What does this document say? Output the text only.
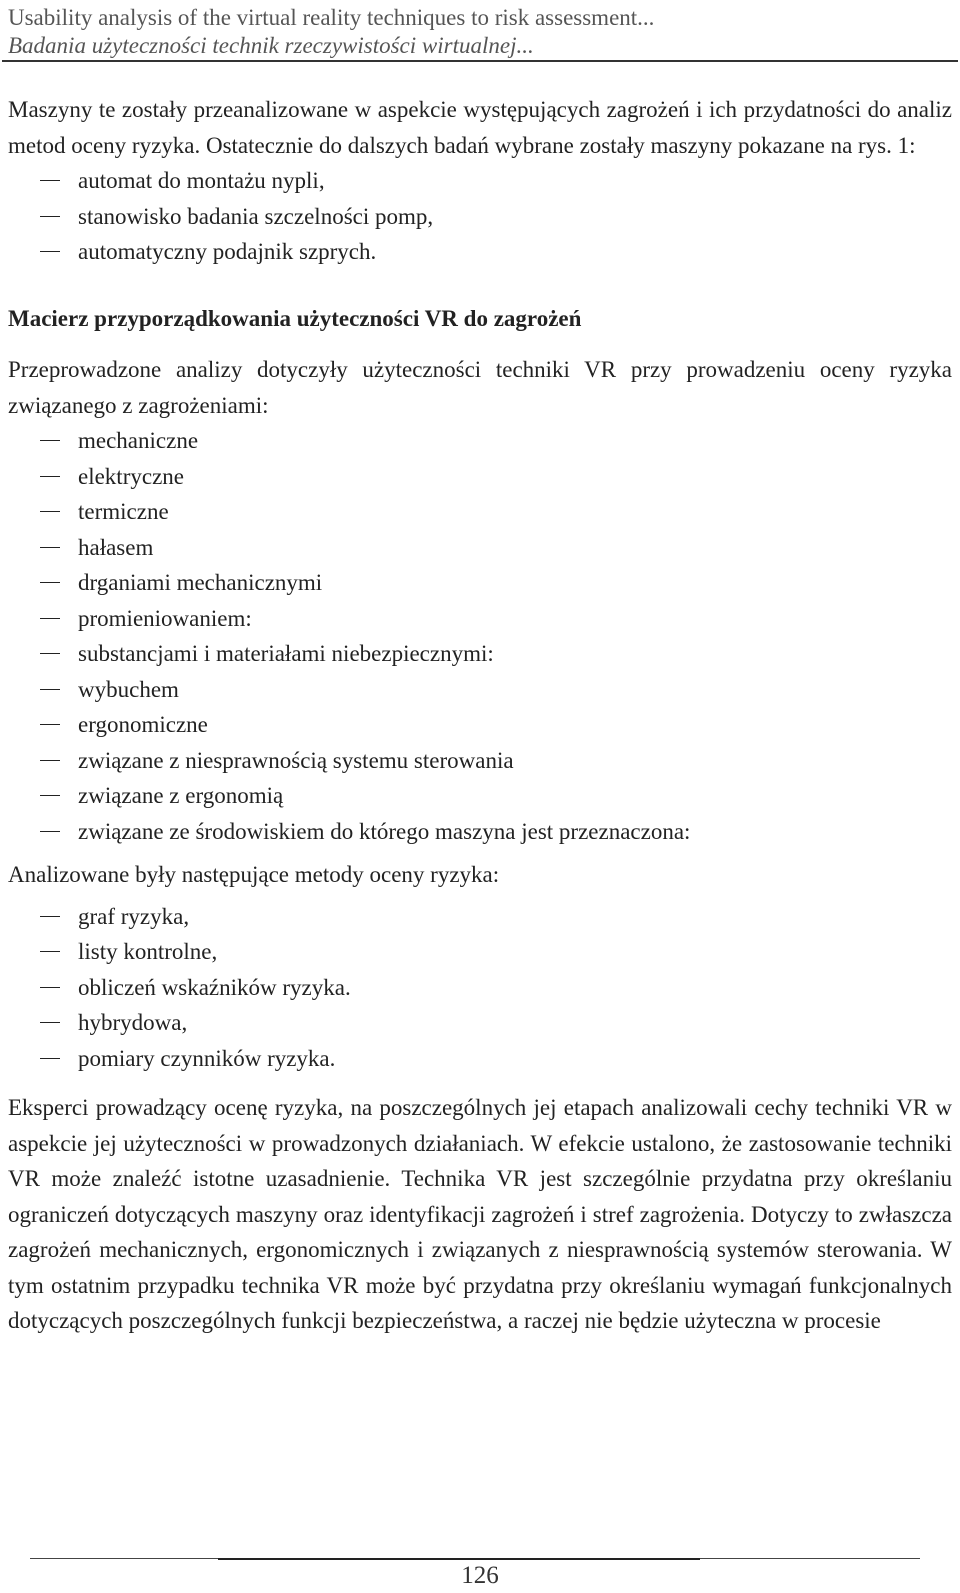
Usability analysis of the virtual reality techniques to risk assessment...
Badania użyteczności technik rzeczywistości wirtualnej...

Maszyny te zostały przeanalizowane w aspekcie występujących zagrożeń i ich przydatności do analiz metod oceny ryzyka. Ostatecznie do dalszych badań wybrane zostały maszyny pokazane na rys. 1:

automat do montażu nypli,
stanowisko badania szczelności pomp,
automatyczny podajnik szprych.
Macierz przyporządkowania użyteczności VR do zagrożeń

Przeprowadzone analizy dotyczyły użyteczności techniki VR przy prowadzeniu oceny ryzyka związanego z zagrożeniami:

mechaniczne
elektryczne
termiczne
hałasem
drganiami mechanicznymi
promieniowaniem:
substancjami i materiałami niebezpiecznymi:
wybuchem
ergonomiczne
związane z niesprawnością systemu sterowania
związane z ergonomią
związane ze środowiskiem do którego maszyna jest przeznaczona:

Analizowane były następujące metody oceny ryzyka:

graf ryzyka,
listy kontrolne,
obliczeń wskaźników ryzyka.
hybrydowa,
pomiary czynników ryzyka.

Eksperci prowadzący ocenę ryzyka, na poszczególnych jej etapach analizowali cechy techniki VR w aspekcie jej użyteczności w prowadzonych działaniach. W efekcie ustalono, że zastosowanie techniki VR może znaleźć istotne uzasadnienie. Technika VR jest szczególnie przydatna przy określaniu ograniczeń dotyczących maszyny oraz identyfikacji zagrożeń i stref zagrożenia. Dotyczy to zwłaszcza zagrożeń mechanicznych, ergonomicznych i związanych z niesprawnością systemów sterowania. W tym ostatnim przypadku technika VR może być przydatna przy określaniu wymagań funkcjonalnych dotyczących poszczególnych funkcji bezpieczeństwa, a raczej nie będzie użyteczna w procesie

126
